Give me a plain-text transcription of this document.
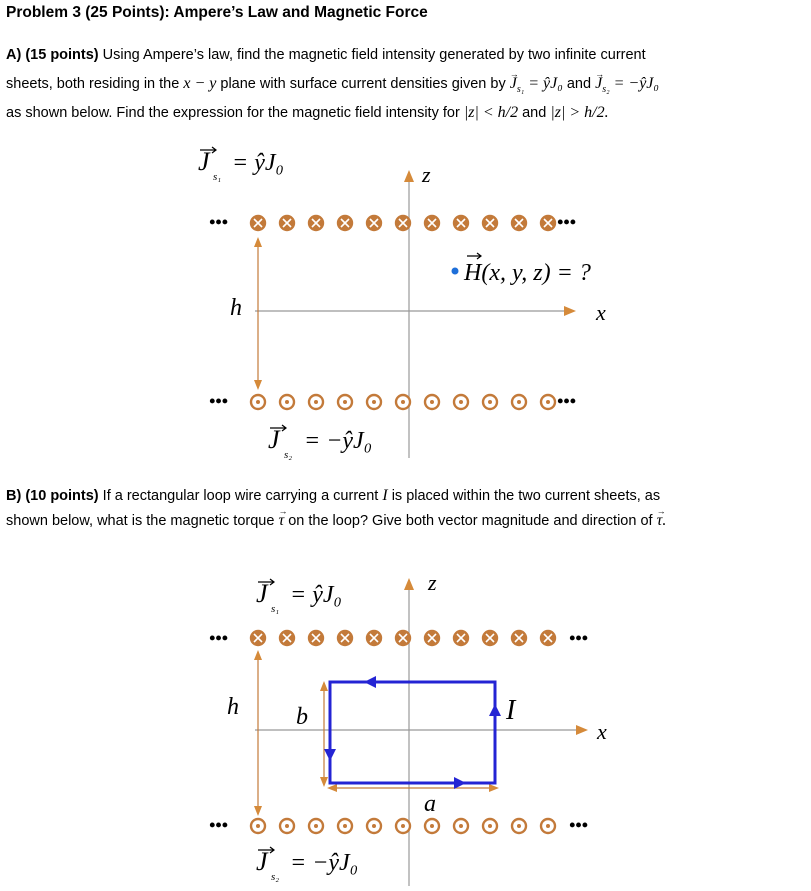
Problem 3 (25 Points): Ampere’s Law and Magnetic Force
A) (15 points) Using Ampere’s law, find the magnetic field intensity generated by two infinite current
sheets, both residing in the x − y plane with surface current densities given by → $J_{s_1}$ = ŷJ₀ and → $J_{s_2}$ = −ŷJ₀
as shown below. Find the expression for the magnetic field intensity for |z| < h/2 and |z| > h/2.
z
x
h
J
s₁
= ŷJ₀
•••	•••
H(x, y, z) = ?
•••	•••
J
s₂
= −ŷJ₀
B) (10 points) If a rectangular loop wire carrying a current I is placed within the two current sheets, as
shown below, what is the magnetic torque → τ on the loop? Give both vector magnitude and direction of → τ.
z
x
h b
a
I
J
s₁
= ŷJ₀
•••	•••
•••	•••
J
s₂
= −ŷJ₀
